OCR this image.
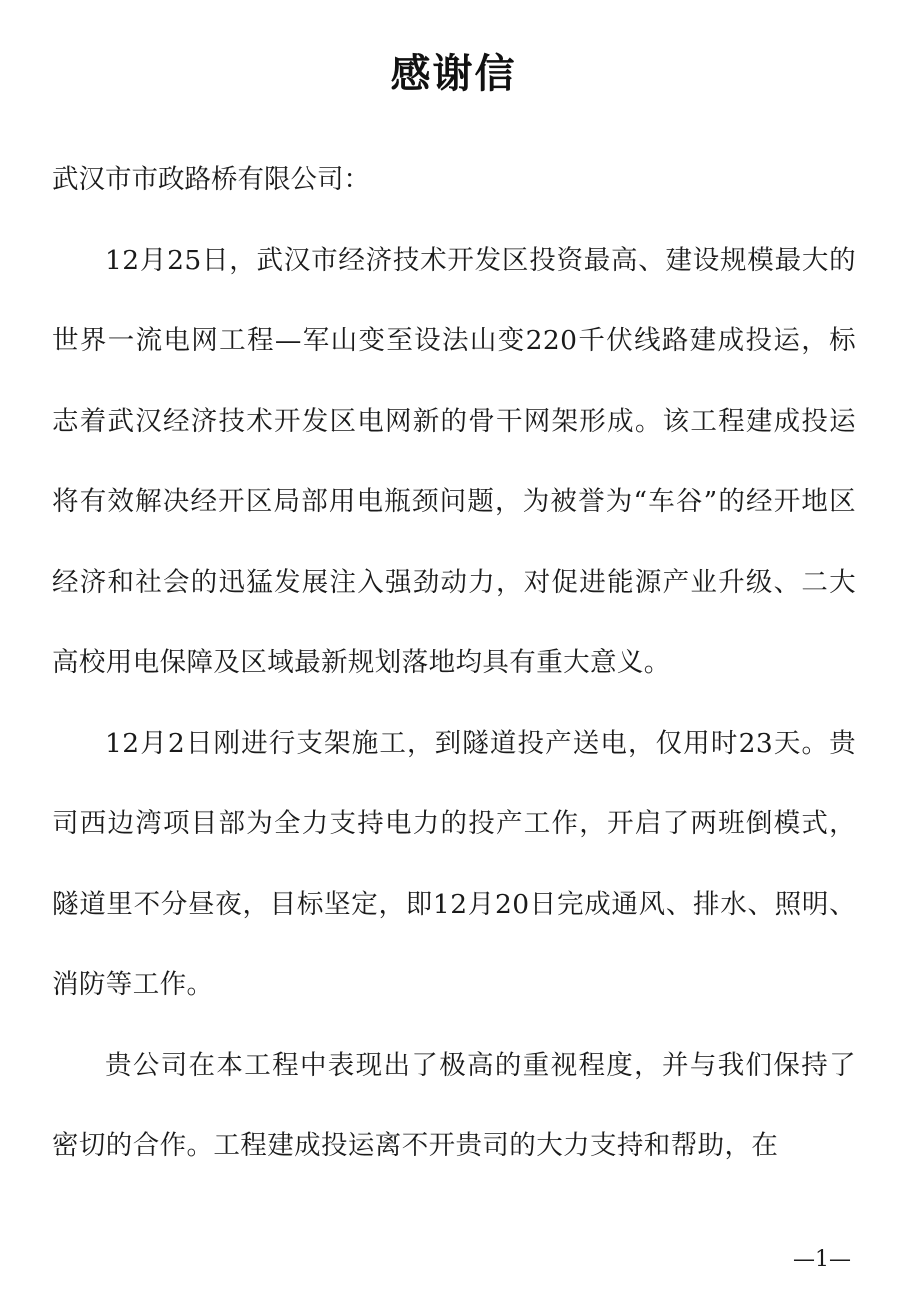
感谢信

武汉市市政路桥有限公司：

12月25日，武汉市经济技术开发区投资最高、建设规模最大的世界一流电网工程—军山变至设法山变220千伏线路建成投运，标志着武汉经济技术开发区电网新的骨干网架形成。该工程建成投运将有效解决经开区局部用电瓶颈问题，为被誉为“车谷”的经开地区经济和社会的迅猛发展注入强劲动力，对促进能源产业升级、二大高校用电保障及区域最新规划落地均具有重大意义。

12月2日刚进行支架施工，到隧道投产送电，仅用时23天。贵司西边湾项目部为全力支持电力的投产工作，开启了两班倒模式，隧道里不分昼夜，目标坚定，即12月20日完成通风、排水、照明、消防等工作。

贵公司在本工程中表现出了极高的重视程度，并与我们保持了密切的合作。工程建成投运离不开贵司的大力支持和帮助，在

—1—
